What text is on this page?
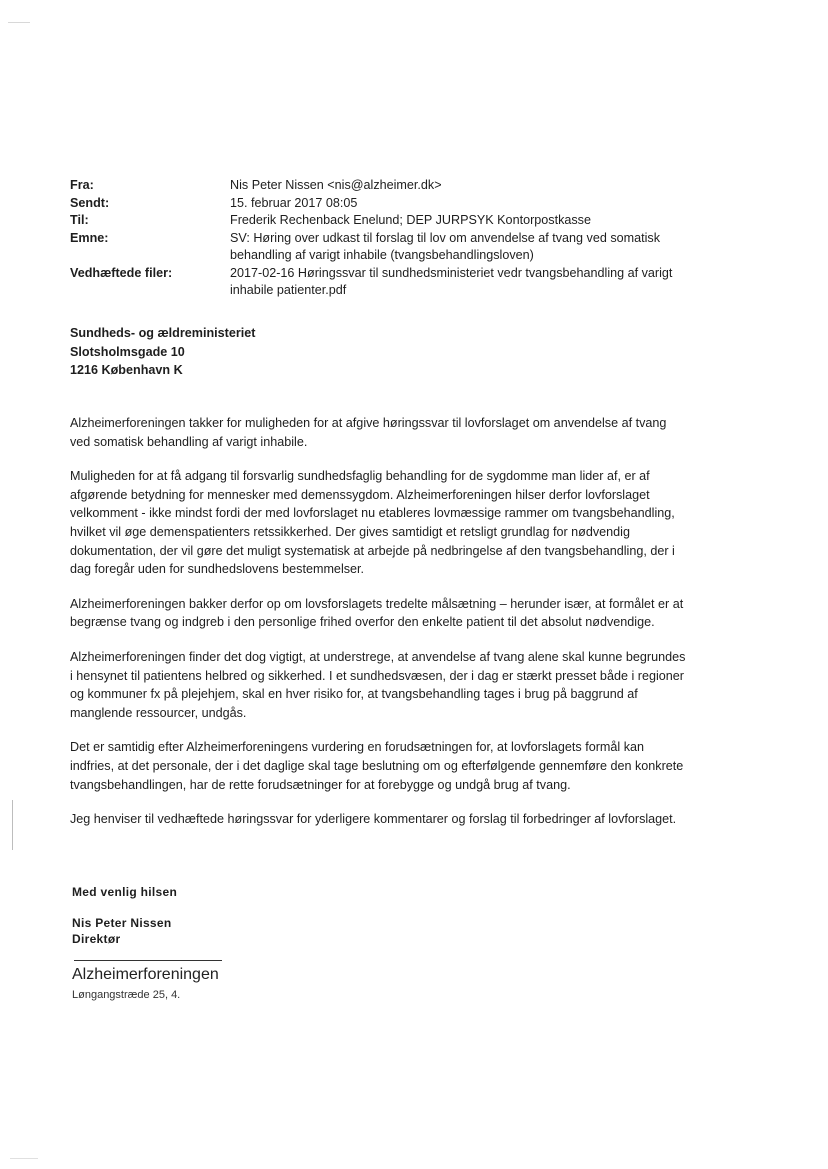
Fra:	Nis Peter Nissen <nis@alzheimer.dk>
Sendt:	15. februar 2017 08:05
Til:	Frederik Rechenback Enelund; DEP JURPSYK Kontorpostkasse
Emne:	SV: Høring over udkast til forslag til lov om anvendelse af tvang ved somatisk
behandling af varigt inhabile (tvangsbehandlingsloven)
Vedhæftede filer:	2017-02-16 Høringssvar til sundhedsministeriet vedr tvangsbehandling af varigt
inhabile patienter.pdf
Sundheds- og ældreministeriet
Slotsholmsgade 10
1216 København K

Alzheimerforeningen takker for muligheden for at afgive høringssvar til lovforslaget om anvendelse af tvang
ved somatisk behandling af varigt inhabile.

Muligheden for at få adgang til forsvarlig sundhedsfaglig behandling for de sygdomme man lider af, er af
afgørende betydning for mennesker med demenssygdom. Alzheimerforeningen hilser derfor lovforslaget
velkomment - ikke mindst fordi der med lovforslaget nu etableres lovmæssige rammer om tvangsbehandling,
hvilket vil øge demenspatienters retssikkerhed. Der gives samtidigt et retsligt grundlag for nødvendig
dokumentation, der vil gøre det muligt systematisk at arbejde på nedbringelse af den tvangsbehandling, der i
dag foregår uden for sundhedslovens bestemmelser.

Alzheimerforeningen bakker derfor op om lovsforslagets tredelte målsætning – herunder især, at formålet er at
begrænse tvang og indgreb i den personlige frihed overfor den enkelte patient til det absolut nødvendige.

Alzheimerforeningen finder det dog vigtigt, at understrege, at anvendelse af tvang alene skal kunne begrundes
i hensynet til patientens helbred og sikkerhed. I et sundhedsvæsen, der i dag er stærkt presset både i regioner
og kommuner fx på plejehjem, skal en hver risiko for, at tvangsbehandling tages i brug på baggrund af
manglende ressourcer, undgås.

Det er samtidig efter Alzheimerforeningens vurdering en forudsætningen for, at lovforslagets formål kan
indfries, at det personale, der i det daglige skal tage beslutning om og efterfølgende gennemføre den konkrete
tvangsbehandlingen, har de rette forudsætninger for at forebygge og undgå brug af tvang.

Jeg henviser til vedhæftede høringssvar for yderligere kommentarer og forslag til forbedringer af lovforslaget.

Med venlig hilsen
Nis Peter Nissen
Direktør
Alzheimerforeningen
Løngangstræde 25, 4.
